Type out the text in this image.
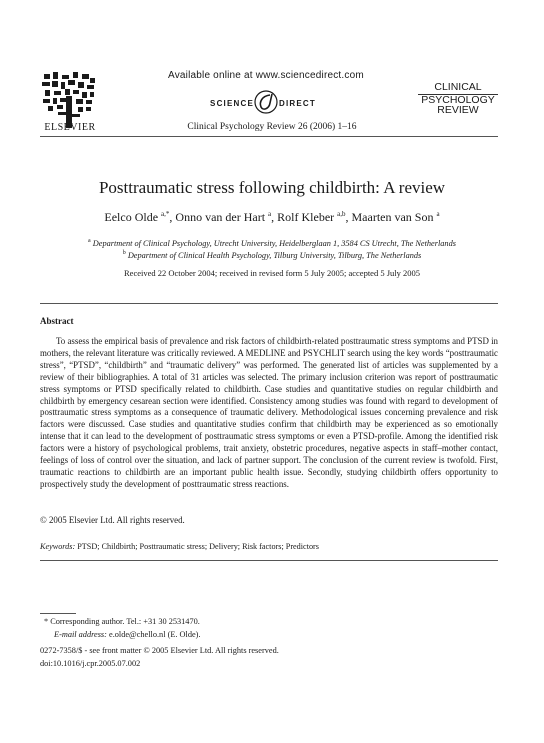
ELSEVIER
Available online at www.sciencedirect.com
SCIENCE	DIRECT
Clinical Psychology Review 26 (2006) 1–16
CLINICAL
PSYCHOLOGY
REVIEW
Posttraumatic stress following childbirth: A review
Eelco Olde $^{a,*}$, Onno van der Hart $^a$, Rolf Kleber $^{a,b}$, Maarten van Son $^a$
$^a$ Department of Clinical Psychology, Utrecht University, Heidelberglaan 1, 3584 CS Utrecht, The Netherlands
$^b$ Department of Clinical Health Psychology, Tilburg University, Tilburg, The Netherlands
Received 22 October 2004; received in revised form 5 July 2005; accepted 5 July 2005
Abstract
To assess the empirical basis of prevalence and risk factors of childbirth-related posttraumatic stress symptoms and PTSD in mothers, the relevant literature was critically reviewed. A MEDLINE and PSYCHLIT search using the key words “posttraumatic stress”, “PTSD”, “childbirth” and “traumatic delivery” was performed. The generated list of articles was supplemented by a review of their bibliographies. A total of 31 articles was selected. The primary inclusion criterion was report of posttraumatic stress symptoms or PTSD specifically related to childbirth. Case studies and quantitative studies on regular childbirth and childbirth by emergency cesarean section were identified. Consistency among studies was found with regard to development of posttraumatic stress symptoms as a consequence of traumatic delivery. Methodological issues concerning prevalence and risk factors were discussed. Case studies and quantitative studies confirm that childbirth may be experienced as so emotionally intense that it can lead to the development of posttraumatic stress symptoms or even a PTSD-profile. Among the identified risk factors were a history of psychological problems, trait anxiety, obstetric procedures, negative aspects in staff–mother contact, feelings of loss of control over the situation, and lack of partner support. The conclusion of the current review is twofold. First, traumatic reactions to childbirth are an important public health issue. Secondly, studying childbirth offers opportunity to prospectively study the development of posttraumatic stress reactions.
© 2005 Elsevier Ltd. All rights reserved.
Keywords: PTSD; Childbirth; Posttraumatic stress; Delivery; Risk factors; Predictors
* Corresponding author. Tel.: +31 30 2531470.
E-mail address: e.olde@chello.nl (E. Olde).
0272-7358/$ - see front matter © 2005 Elsevier Ltd. All rights reserved.
doi:10.1016/j.cpr.2005.07.002
